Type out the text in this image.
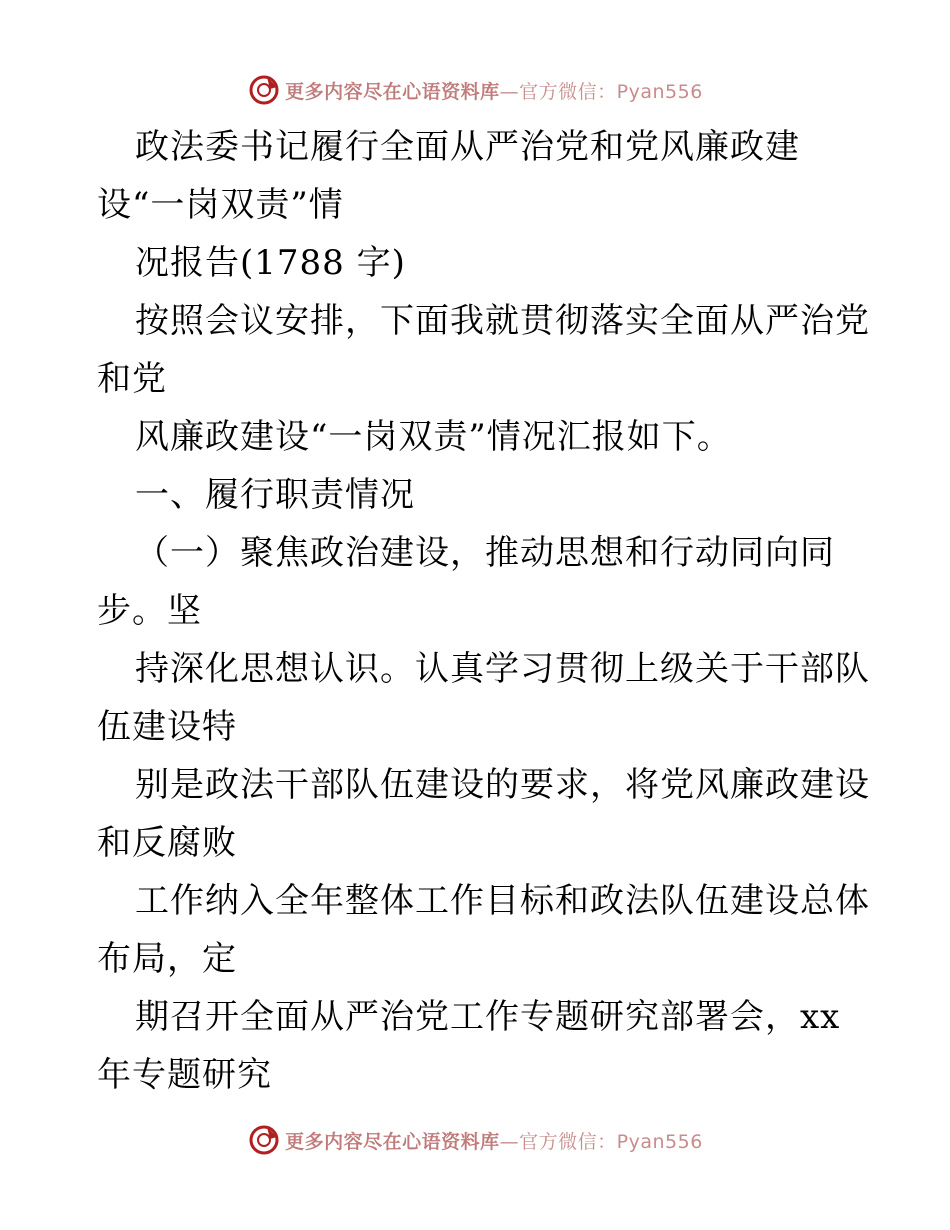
更多内容尽在心语资料库—官方微信：Pyan556
政法委书记履行全面从严治党和党风廉政建
设“一岗双责”情
况报告(1788 字)
按照会议安排，下面我就贯彻落实全面从严治党
和党
风廉政建设“一岗双责”情况汇报如下。
一、履行职责情况
（一）聚焦政治建设，推动思想和行动同向同
步。坚
持深化思想认识。认真学习贯彻上级关于干部队
伍建设特
别是政法干部队伍建设的要求，将党风廉政建设
和反腐败
工作纳入全年整体工作目标和政法队伍建设总体
布局，定
期召开全面从严治党工作专题研究部署会，xx
年专题研究
更多内容尽在心语资料库—官方微信：Pyan556
